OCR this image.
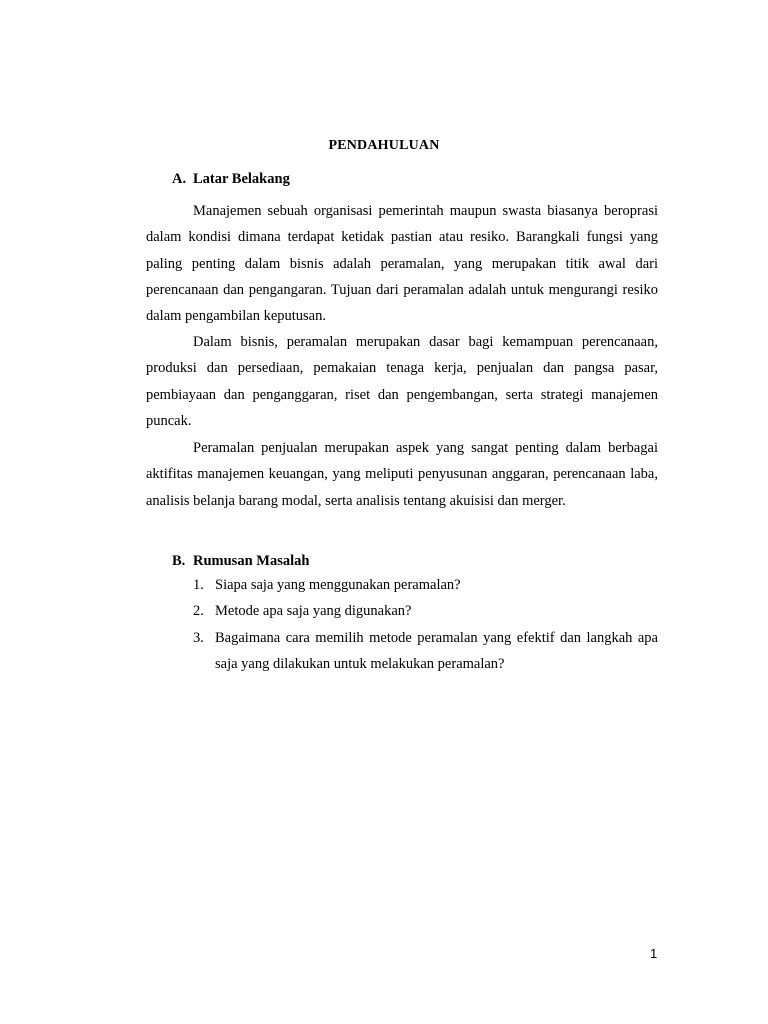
PENDAHULUAN
A. Latar Belakang

Manajemen sebuah organisasi pemerintah maupun swasta biasanya beroprasi dalam kondisi dimana terdapat ketidak pastian atau resiko. Barangkali fungsi yang paling penting dalam bisnis adalah peramalan, yang merupakan titik awal dari perencanaan dan pengangaran. Tujuan dari peramalan adalah untuk mengurangi resiko dalam pengambilan keputusan.

Dalam bisnis, peramalan merupakan dasar bagi kemampuan perencanaan, produksi dan persediaan, pemakaian tenaga kerja, penjualan dan pangsa pasar, pembiayaan dan penganggaran, riset dan pengembangan, serta strategi manajemen puncak.

Peramalan penjualan merupakan aspek yang sangat penting dalam berbagai aktifitas manajemen keuangan, yang meliputi penyusunan anggaran, perencanaan laba, analisis belanja barang modal, serta analisis tentang akuisisi dan merger.

B. Rumusan Masalah
1. Siapa saja yang menggunakan peramalan?
2. Metode apa saja yang digunakan?
3. Bagaimana cara memilih metode peramalan yang efektif dan langkah apa saja yang dilakukan untuk melakukan peramalan?
1
